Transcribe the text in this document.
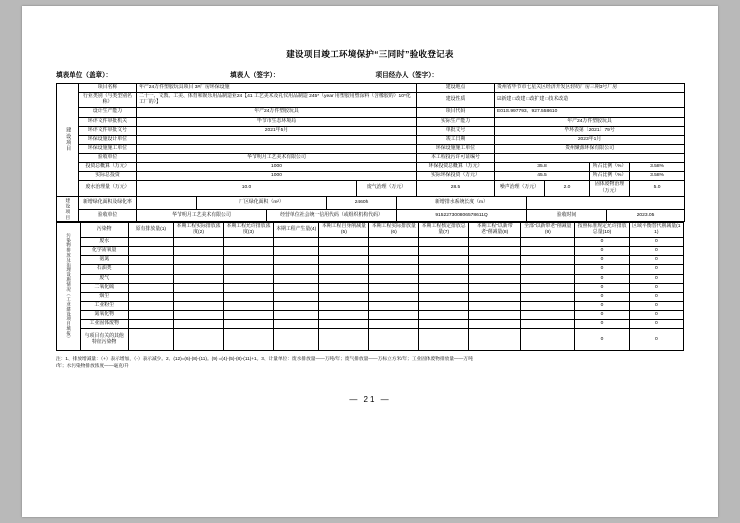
建设项目竣工环境保护“三同时”验收登记表
填表单位（盖章）：	填表人（签字）：	项目经办人（签字）：
建设项目	项目名称	年产24万件塑胶玩具项目 3#厂房环保设施		建设地点	贵州省毕节市七星关区经济开发区轻纺厂房三期3号厂房			
	行业类别（与类型别名称）	二十一、文教、工美、体育和娱乐用品制造业24【41 工艺美术及礼仪用品制造 245*（year 用塑胶用塑涂料（含橡胶的）10*化工厂的）】		建设性质	☑新建 □改建 □改扩建 □技术改造			
	设计生产能力	年产24万件塑胶玩具		项目代码	E01S.997793、927.558610			
	环评文件审批机关	毕节市生态环境局		实际生产能力	年产24万件塑胶玩具			
	环评文件审批文号	2021年5月		单批文号	毕环表第〔2021〕79号			
	环保设施设计单位			竣工日期	2023年1月			
	环保设施施工单位			环保设施施工单位	贵州聚源环保有限公司			
	验收单位	华节明月工艺美术有限公司		本工程投污许可证编号				
	投资总概算（万元）	1000		环保投资总概算（万元）	35.8		所占比例（%）	3.58%
	实际总投资	1000		实际环保投资（万元）	45.5		所占比例（%）	3.58%
	废水治理量（万元）	10.0	废气治理（万元）	28.5	噪声治理（万元）	2.0	固体废物治理（万元）	5.0
建设项目	新增绿化面积及绿化率		厂区绿化面积（m²）		2460h	新增排水系统长度（m）		
	验收单位	华节明月工艺美术有限公司		经营单位社会统一信用代码（或组织机构代码）		915227300806578611Q	验收时间	2023.05
污染物排放及治理设施情况（工业建设项目填报）	污染物	原有排放量(1)	本期工程实际排放浓度(2)	本期工程允许排放浓度(3)	本期工程产生量(4)	本期工程自身削减量(5)	本期工程实际排放量(6)	本期工程核定排放总量(7)	本期工程“以新带老”削减量(8)	全部“以新带老”削减量(9)	按照标准规定允许排放总量(10)	区域平衡替代削减量(11)
	废水										0	0
	化学需氧量										0	0
	氨氮										0	0
	石油类										0	0
	废气										0	0
	二氧化硫										0	0
	烟尘										0	0
	工业粉尘										0	0
	氮氧化物										0	0
	工业固体废物										0	0
	与项目有关的其他特征污染物										0	0
注：1、排放增减量：（+）表示增加，（-）表示减少。2、(12)=(6)-(8)-(11)。(9) =(4)-(5)-(8)-(11)+1。3、计量单位：废水排放量——万吨/年；废气排放量——万标立方米/年；工业固体废物排放量——万吨
/年；水污染物排放浓度——毫克/升
— 21 —
